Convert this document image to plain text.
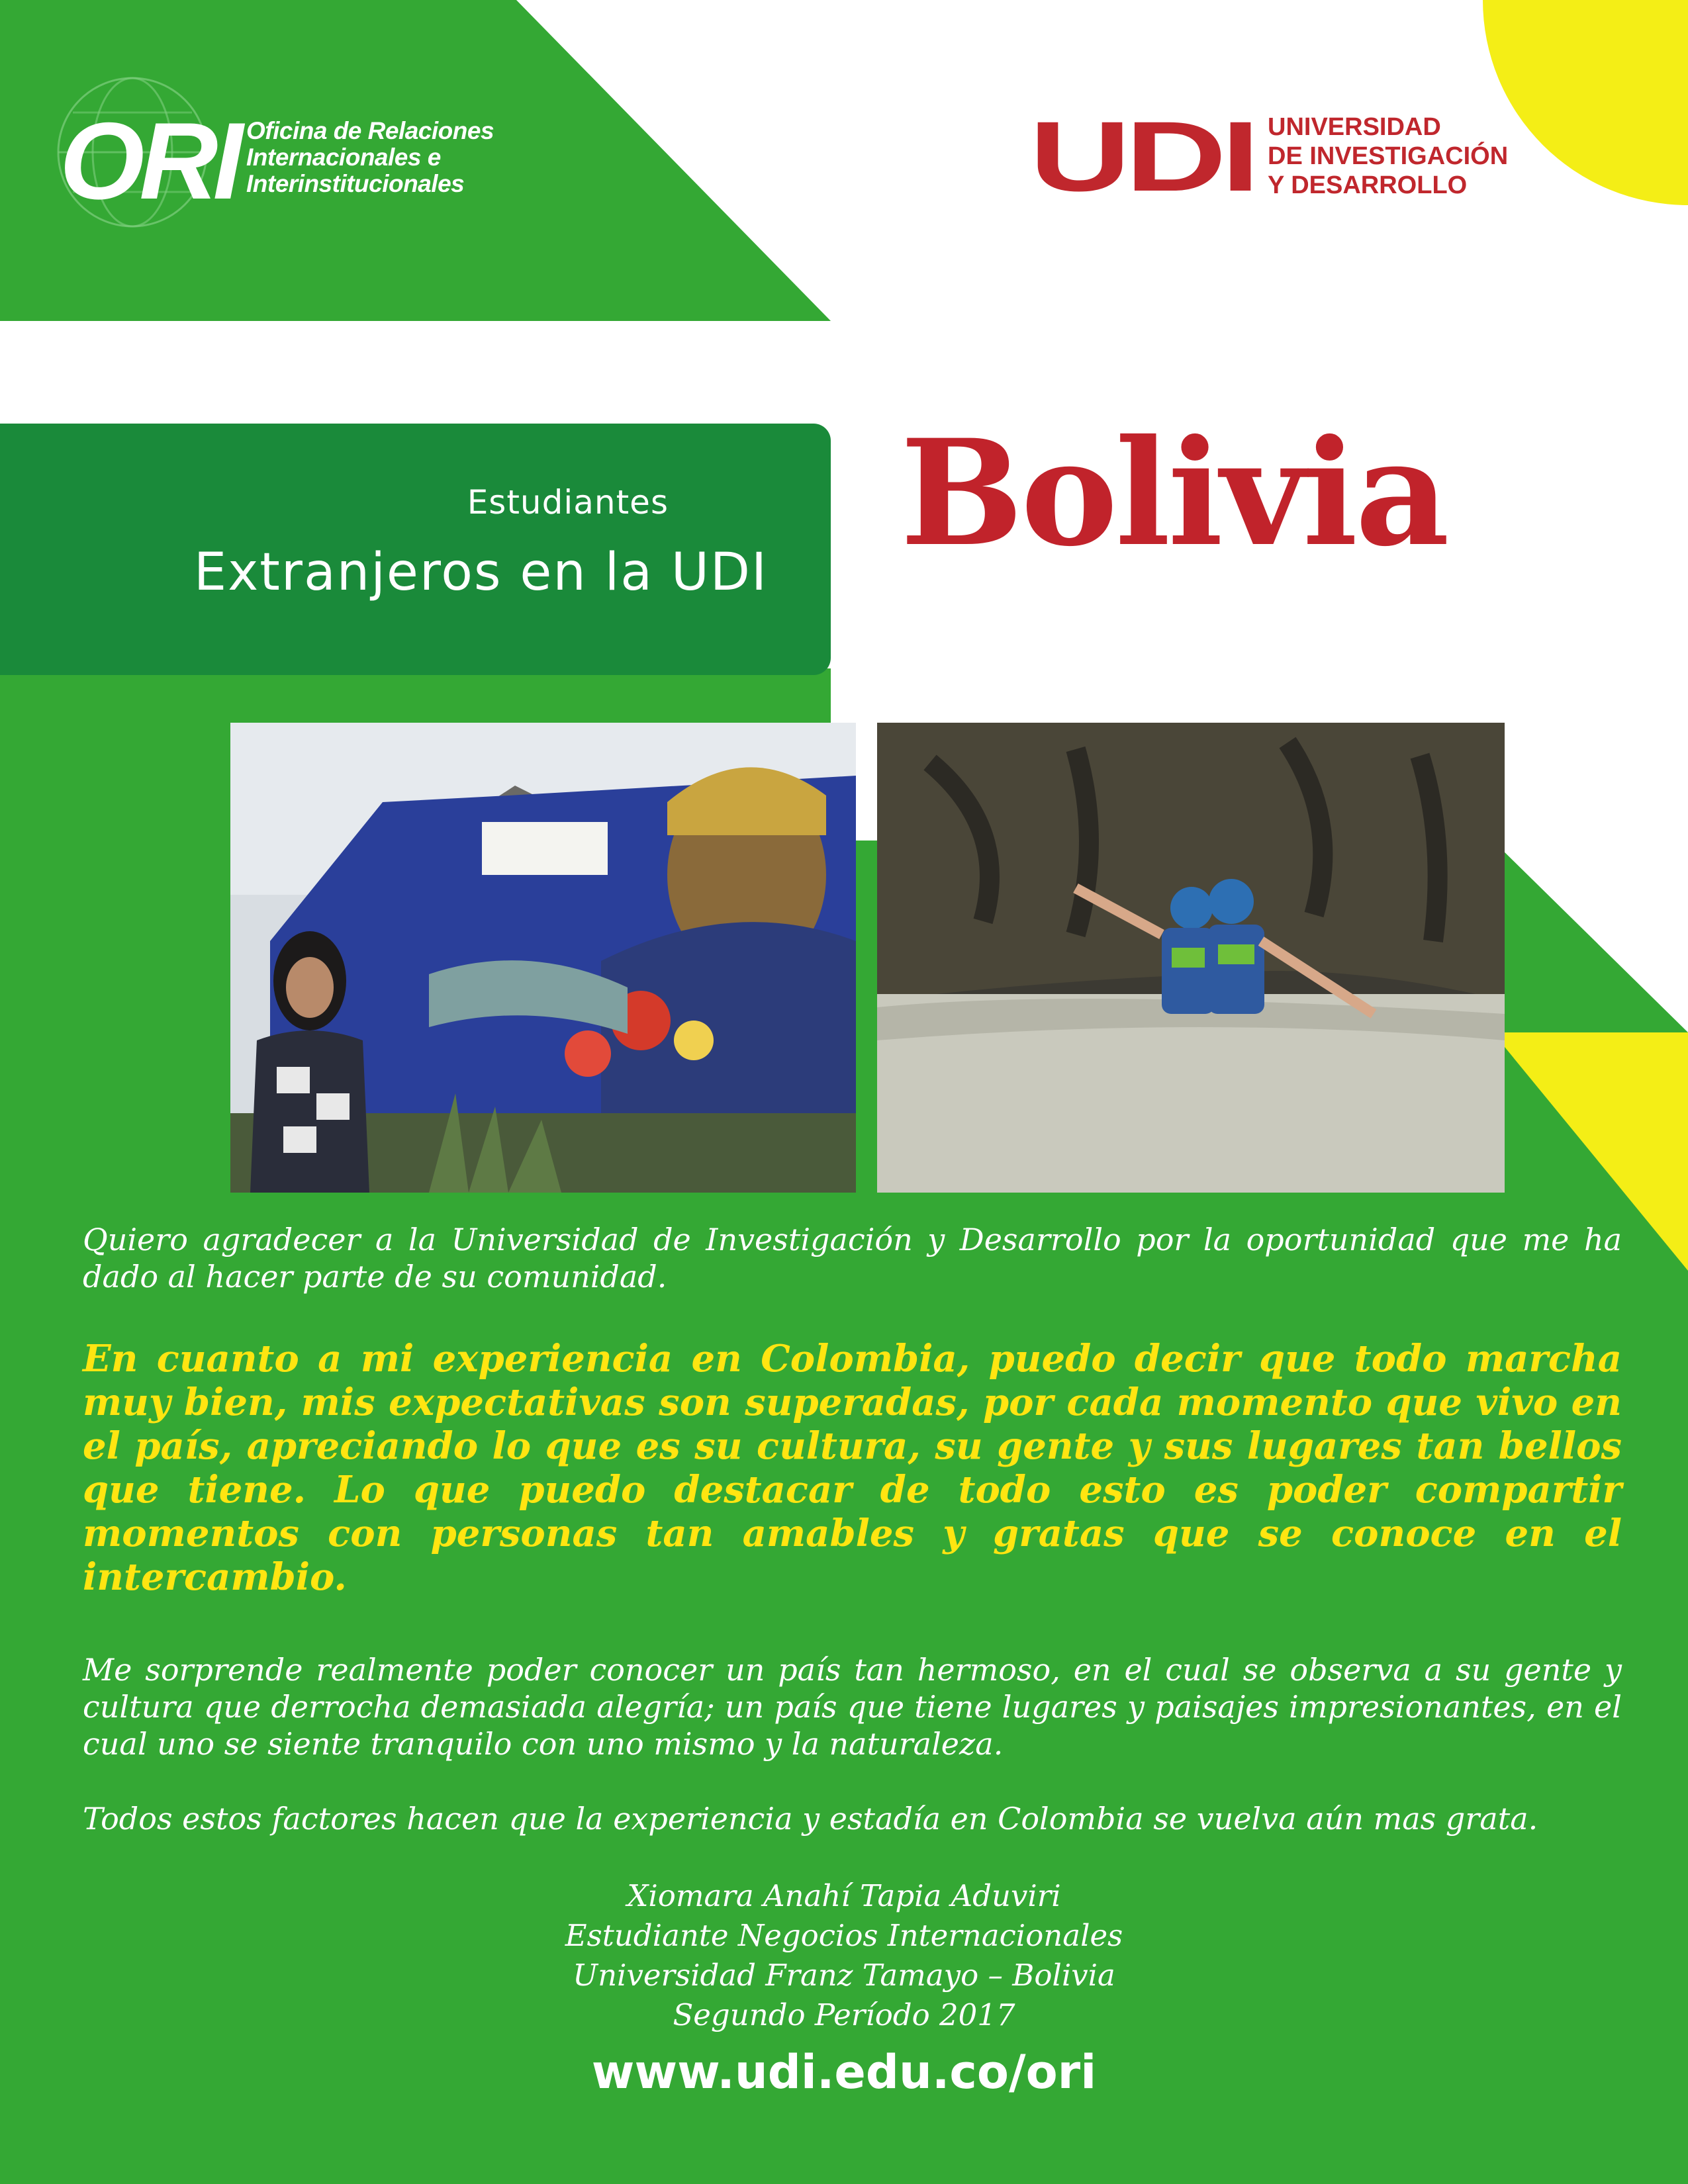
ORI Oficina de Relaciones
Internacionales e
Interinstitucionales	UDI UNIVERSIDAD
DE INVESTIGACIÓN
Y DESARROLLO
Estudiantes
Extranjeros en la UDI Bolivia
Quiero agradecer a la Universidad de Investigación y Desarrollo por la oportunidad que me ha dado al hacer parte de su comunidad.
En cuanto a mi experiencia en Colombia, puedo decir que todo marcha muy bien, mis expectativas son superadas, por cada momento que vivo en el país, apreciando lo que es su cultura, su gente y sus lugares tan bellos que tiene. Lo que puedo destacar de todo esto es poder compartir momentos con personas tan amables y gratas que se conoce en el intercambio.
Me sorprende realmente poder conocer un país tan hermoso, en el cual se observa a su gente y cultura que derrocha demasiada alegría; un país que tiene lugares y paisajes impresionantes, en el cual uno se siente tranquilo con uno mismo y la naturaleza.
Todos estos factores hacen que la experiencia y estadía en Colombia se vuelva aún mas grata.
Xiomara Anahí Tapia Aduviri
Estudiante Negocios Internacionales
Universidad Franz Tamayo – Bolivia
Segundo Período 2017
www.udi.edu.co/ori
